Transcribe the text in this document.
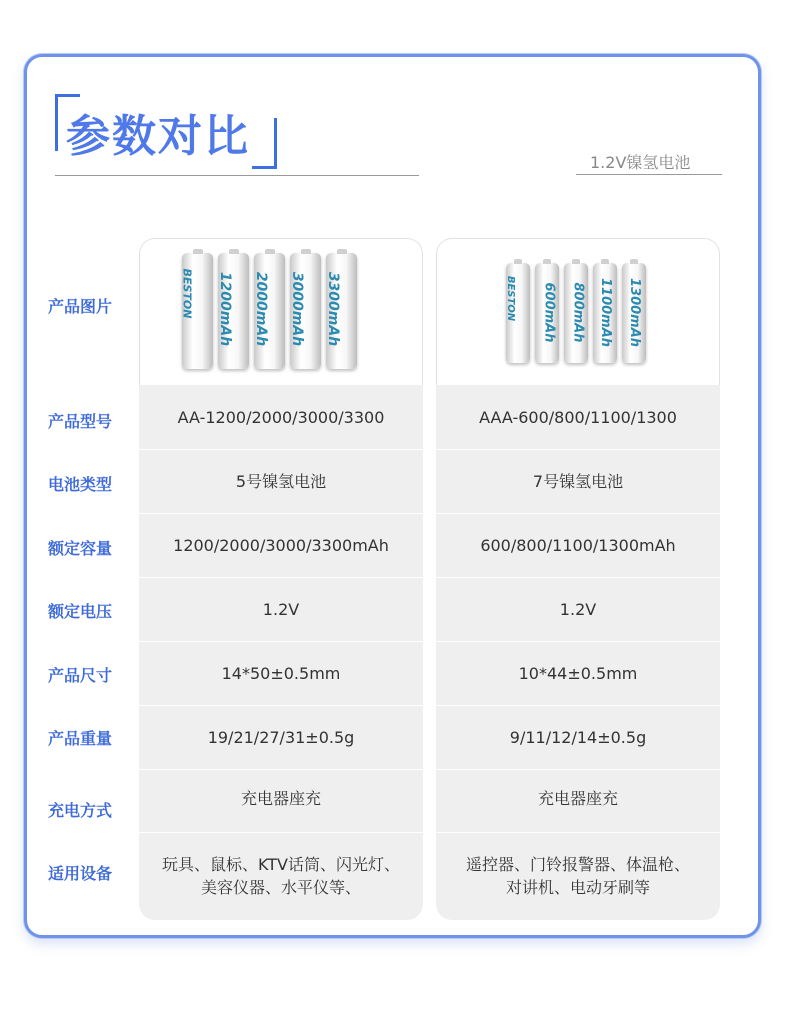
参数对比
1.2V镍氢电池
产品图片
产品型号
电池类型
额定容量
额定电压
产品尺寸
产品重量
充电方式
适用设备
BESTON 1200mAh 2000mAh 3000mAh 3300mAh
AA-1200/2000/3000/3300
5号镍氢电池
1200/2000/3000/3300mAh
1.2V
14*50±0.5mm
19/21/27/31±0.5g
充电器座充
玩具、鼠标、KTV话筒、闪光灯、
美容仪器、水平仪等、
BESTON 600mAh 800mAh 1100mAh 1300mAh
AAA-600/800/1100/1300
7号镍氢电池
600/800/1100/1300mAh
1.2V
10*44±0.5mm
9/11/12/14±0.5g
充电器座充
遥控器、门铃报警器、体温枪、
对讲机、电动牙刷等
